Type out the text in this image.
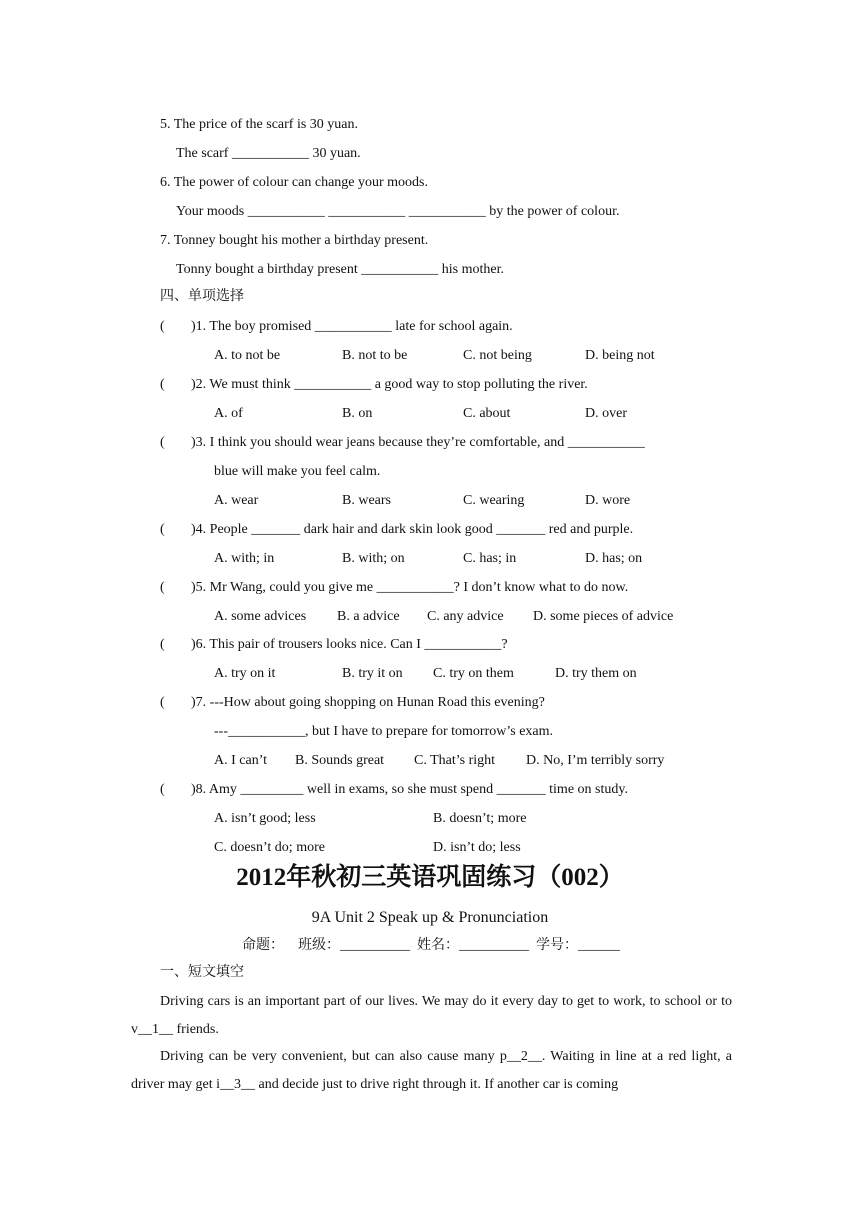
5. The price of the scarf is 30 yuan.
The scarf ___________ 30 yuan.
6. The power of colour can change your moods.
Your moods ___________ ___________ ___________ by the power of colour.
7. Tonney bought his mother a birthday present.
Tonny bought a birthday present ___________ his mother.
四、单项选择
( )1. The boy promised ___________ late for school again.
A. to not be	B. not to be	C. not being	D. being not
( )2. We must think ___________ a good way to stop polluting the river.
A. of	B. on	C. about	D. over
( )3. I think you should wear jeans because they’re comfortable, and ___________
blue will make you feel calm.
A. wear	B. wears	C. wearing	D. wore
( )4. People _______ dark hair and dark skin look good _______ red and purple.
A. with; in	B. with; on	C. has; in	D. has; on
( )5. Mr Wang, could you give me ___________? I don’t know what to do now.
A. some advices B. a advice C. any advice D. some pieces of advice
( )6. This pair of trousers looks nice. Can I ___________?
A. try on it	B. try it on C. try on them	D. try them on
( )7. ---How about going shopping on Hunan Road this evening?
---___________, but I have to prepare for tomorrow’s exam.
A. I can’t B. Sounds great C. That’s right D. No, I’m terribly sorry
( )8. Amy _________ well in exams, so she must spend _______ time on study.
A. isn’t good; less	B. doesn’t; more
C. doesn’t do; more	D. isn’t do; less
2012年秋初三英语巩固练习（002）
9A Unit 2 Speak up & Pronunciation
命题：    班级：__________  姓名：__________  学号：______
一、短文填空

Driving cars is an important part of our lives. We may do it every day to get to work, to school or to v__1__ friends.

Driving can be very convenient, but can also cause many p__2__. Waiting in line at a red light, a driver may get i__3__ and decide just to drive right through it. If another car is coming
